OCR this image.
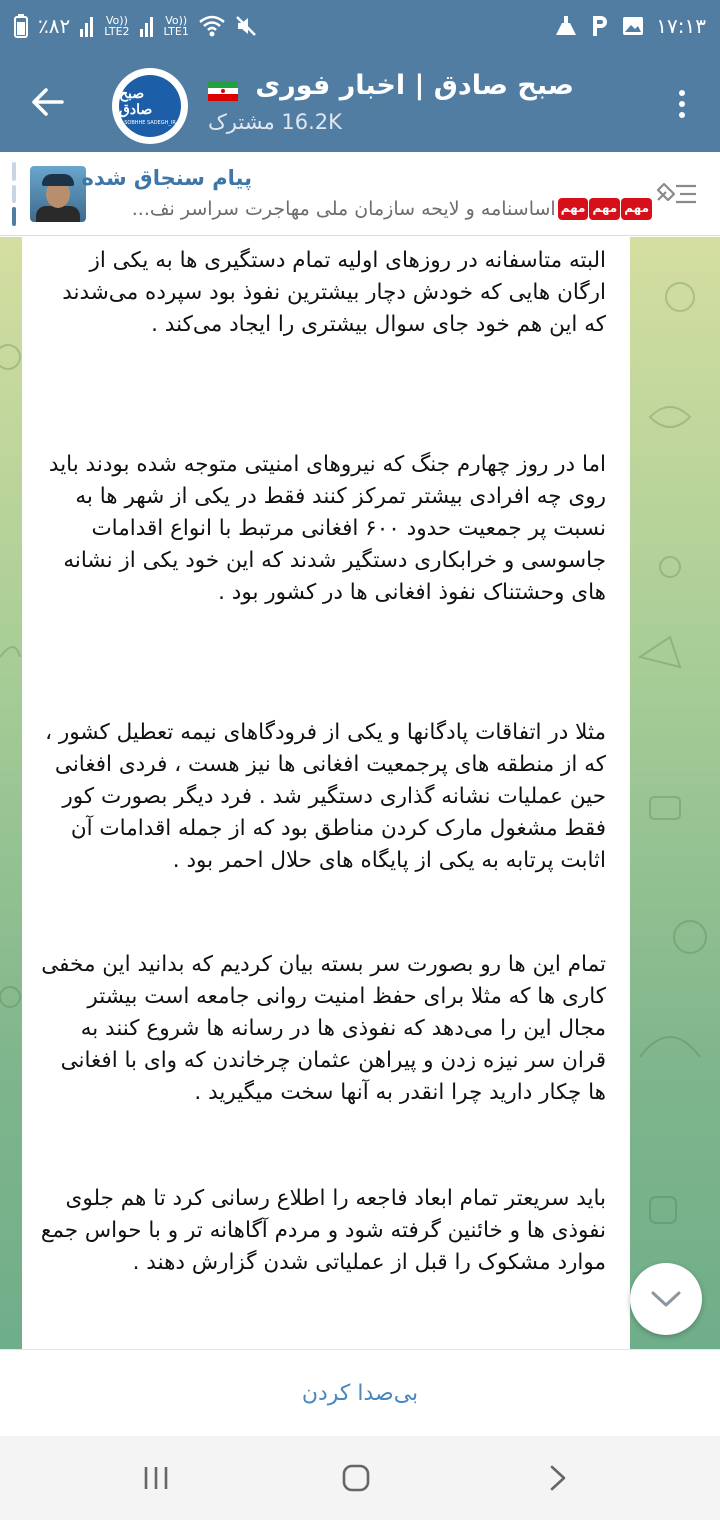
٪۸۲	Vo))
LTE2
Vo))
LTE1	۱۷:۱۳
صبح صادق
SOBHHE SADEGH_IR
صبح صادق | اخبار فوری
16.2K مشترک
پیام سنجاق شده
مهم
مهم
مهم
اساسنامه و لایحه سازمان ملی مهاجرت سراسر نف...

البته متاسفانه در روزهای اولیه تمام دستگیری ها به یکی از ارگان هایی که خودش دچار بیشترین نفوذ بود سپرده می‌شدند که این هم خود جای سوال بیشتری را ایجاد می‌کند .

اما در روز چهارم جنگ که نیروهای امنیتی متوجه شده بودند باید روی چه افرادی بیشتر تمرکز کنند فقط در یکی از شهر ها به نسبت پر جمعیت حدود ۶۰۰ افغانی مرتبط با انواع اقدامات جاسوسی و خرابکاری دستگیر شدند که این خود یکی از نشانه های وحشتناک نفوذ افغانی ها در کشور بود .

مثلا در اتفاقات پادگانها و یکی از فرودگاهای نیمه تعطیل کشور ، که از منطقه های پرجمعیت افغانی ها نیز هست ، فردی افغانی حین عملیات نشانه گذاری دستگیر شد . فرد دیگر بصورت کور فقط مشغول مارک کردن مناطق بود که از جمله اقدامات آن اثابت پرتابه به یکی از پایگاه های حلال احمر بود .

تمام این ها رو بصورت سر بسته بیان کردیم که بدانید این مخفی کاری ها که مثلا برای حفظ امنیت روانی جامعه است بیشتر مجال این را می‌دهد که نفوذی ها در رسانه ها شروع کنند به قران سر نیزه زدن و پیراهن عثمان چرخاندن که وای با افغانی ها چکار دارید چرا انقدر به آنها سخت میگیرید .

باید سریعتر تمام ابعاد فاجعه را اطلاع رسانی کرد تا هم جلوی نفوذی ها و خائنین گرفته شود و مردم آگاهانه تر و با حواس جمع موارد مشکوک را قبل از عملیاتی شدن گزارش دهند .

بی‌صدا کردن
